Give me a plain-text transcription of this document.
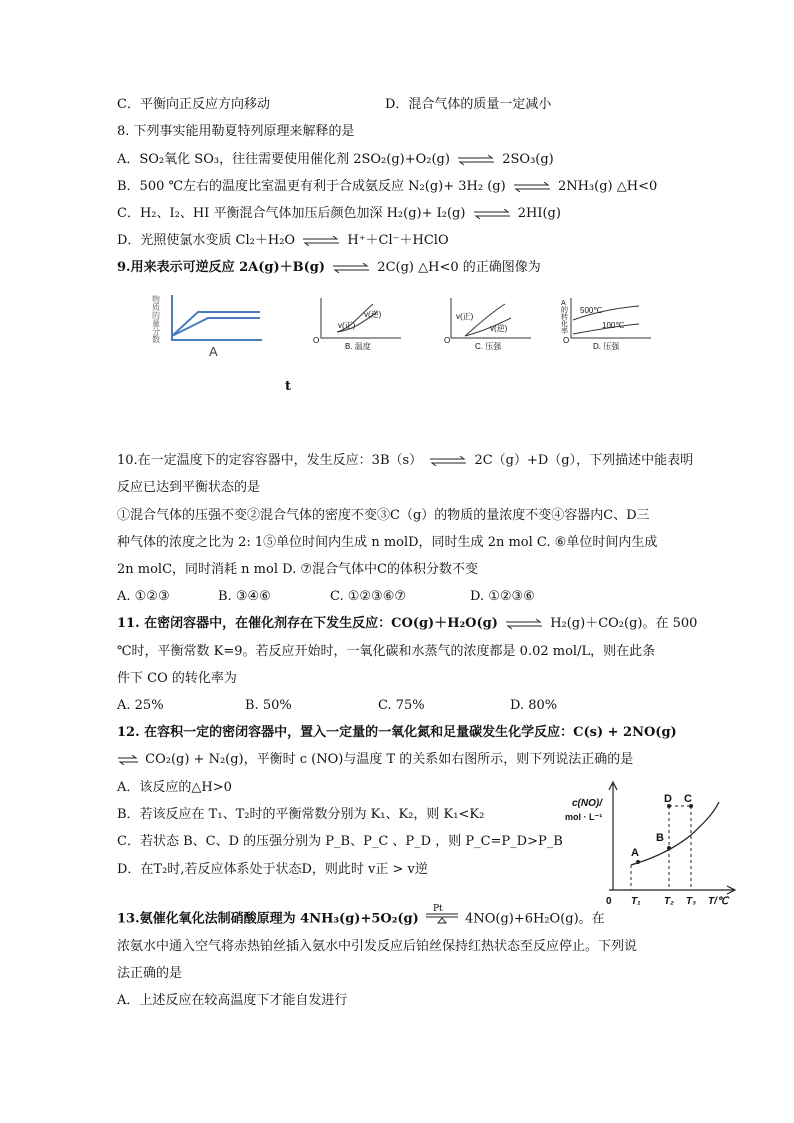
C．平衡向正反应方向移动	D．混合气体的质量一定减小
8. 下列事实能用勒夏特列原理来解释的是
A．SO₂氧化 SO₃，往往需要使用催化剂 2SO₂(g)+O₂(g) ⇌ 2SO₃(g)
B．500 ℃左右的温度比室温更有利于合成氨反应 N₂(g)+ 3H₂ (g) ⇌ 2NH₃(g) △H<0
C．H₂、I₂、HI 平衡混合气体加压后颜色加深 H₂(g)+ I₂(g) ⇌ 2HI(g)
D．光照使氯水变质 Cl₂＋H₂O ⇌ H⁺＋Cl⁻＋HClO
9.用来表示可逆反应 2A(g)＋B(g) ⇌ 2C(g) △H<0 的正确图像为
物质的量分数
A
v(逆)
v(正)
O
B. 温度
v(正)
v(逆)
O
C. 压强
A的转化率
500℃
100℃
O
D. 压强
t
10.在一定温度下的定容容器中，发生反应：3B（s） ⇌ 2C（g）+D（g），下列描述中能表明
反应已达到平衡状态的是
①混合气体的压强不变②混合气体的密度不变③C（g）的物质的量浓度不变④容器内C、D三
种气体的浓度之比为 2: 1⑤单位时间内生成 n molD，同时生成 2n mol C. ⑥单位时间内生成
2n molC，同时消耗 n mol D. ⑦混合气体中C的体积分数不变
A. ①②③	B. ③④⑥	C. ①②③⑥⑦	D. ①②③⑥
11. 在密闭容器中，在催化剂存在下发生反应：CO(g)＋H₂O(g) ⇌ H₂(g)＋CO₂(g)。在 500
℃时，平衡常数 K=9。若反应开始时，一氧化碳和水蒸气的浓度都是 0.02 mol/L，则在此条
件下 CO 的转化率为
A. 25%	B. 50%	C. 75%	D. 80%
12. 在容积一定的密闭容器中，置入一定量的一氧化氮和足量碳发生化学反应：C(s) + 2NO(g)
⇌ CO₂(g) + N₂(g)，平衡时 c (NO)与温度 T 的关系如右图所示，则下列说法正确的是
A．该反应的△H>0
B．若该反应在 T₁、T₂时的平衡常数分别为 K₁、K₂，则 K₁<K₂
C．若状态 B、C、D 的压强分别为 P_B、P_C 、P_D ，则 P_C=P_D>P_B
D．在T₂时,若反应体系处于状态D，则此时 v正 > v逆
c(NO)/
mol · L⁻¹
0 T₁ T₂ T₃ T/℃
A
B
C
D
13.氨催化氧化法制硝酸原理为 4NH₃(g)+5O₂(g)
Pt
4NO(g)+6H₂O(g)。在
浓氨水中通入空气将赤热铂丝插入氨水中引发反应后铂丝保持红热状态至反应停止。下列说
法正确的是
A．上述反应在较高温度下才能自发进行
